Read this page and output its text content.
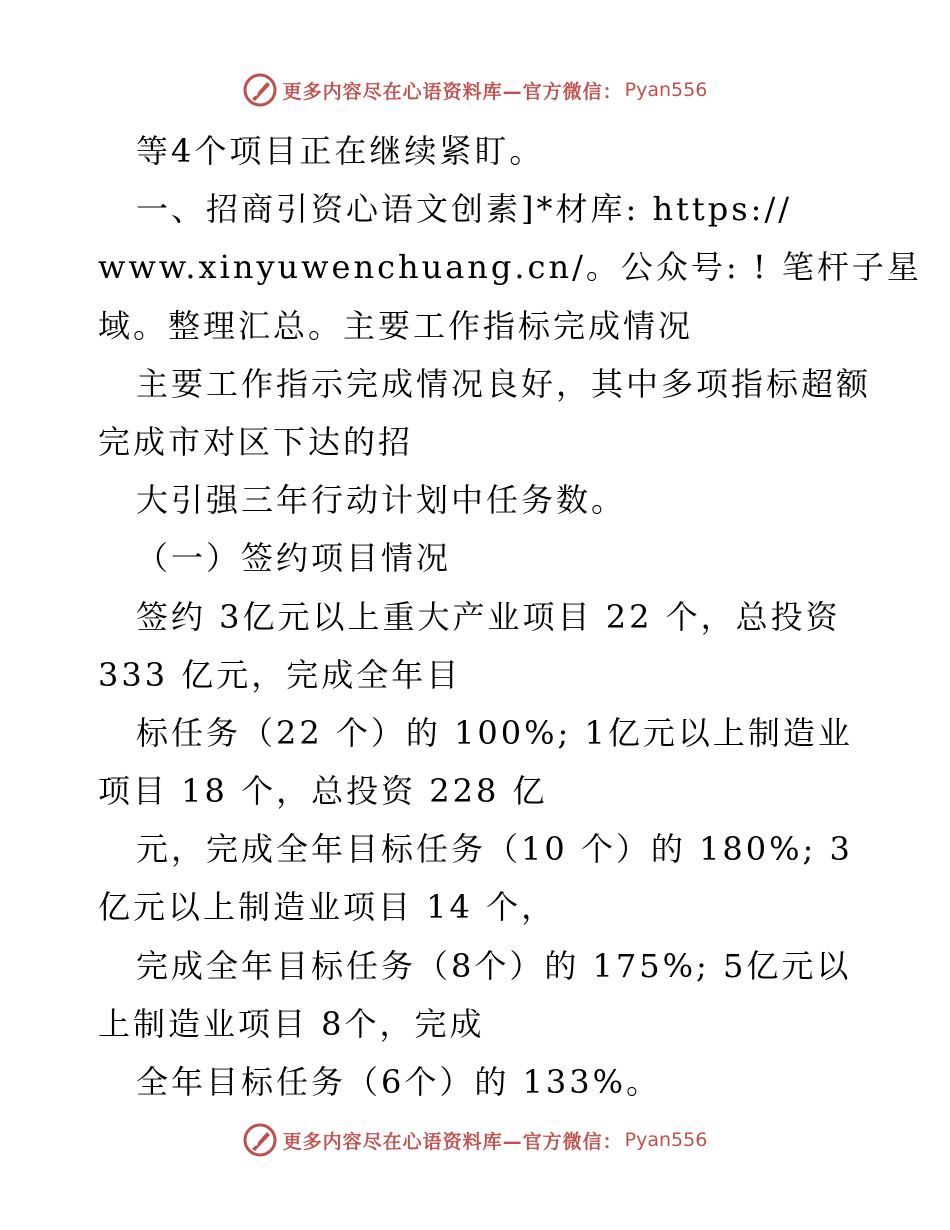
更多内容尽在心语资料库—官方微信： Pyan556
等4个项目正在继续紧盯。
一、招商引资心语文创素]*材库: https://
www.xinyuwenchuang.cn/。公众号: ! 笔杆子星
域。整理汇总。主要工作指标完成情况
主要工作指示完成情况良好，其中多项指标超额
完成市对区下达的招
大引强三年行动计划中任务数。
（一）签约项目情况
签约 3亿元以上重大产业项目 22 个，总投资
333 亿元，完成全年目
标任务（22 个）的 100%; 1亿元以上制造业
项目 18 个，总投资 228 亿
元，完成全年目标任务（10 个）的 180%; 3
亿元以上制造业项目 14 个，
完成全年目标任务（8个）的 175%; 5亿元以
上制造业项目 8个，完成
全年目标任务（6个）的 133%。
更多内容尽在心语资料库—官方微信： Pyan556
